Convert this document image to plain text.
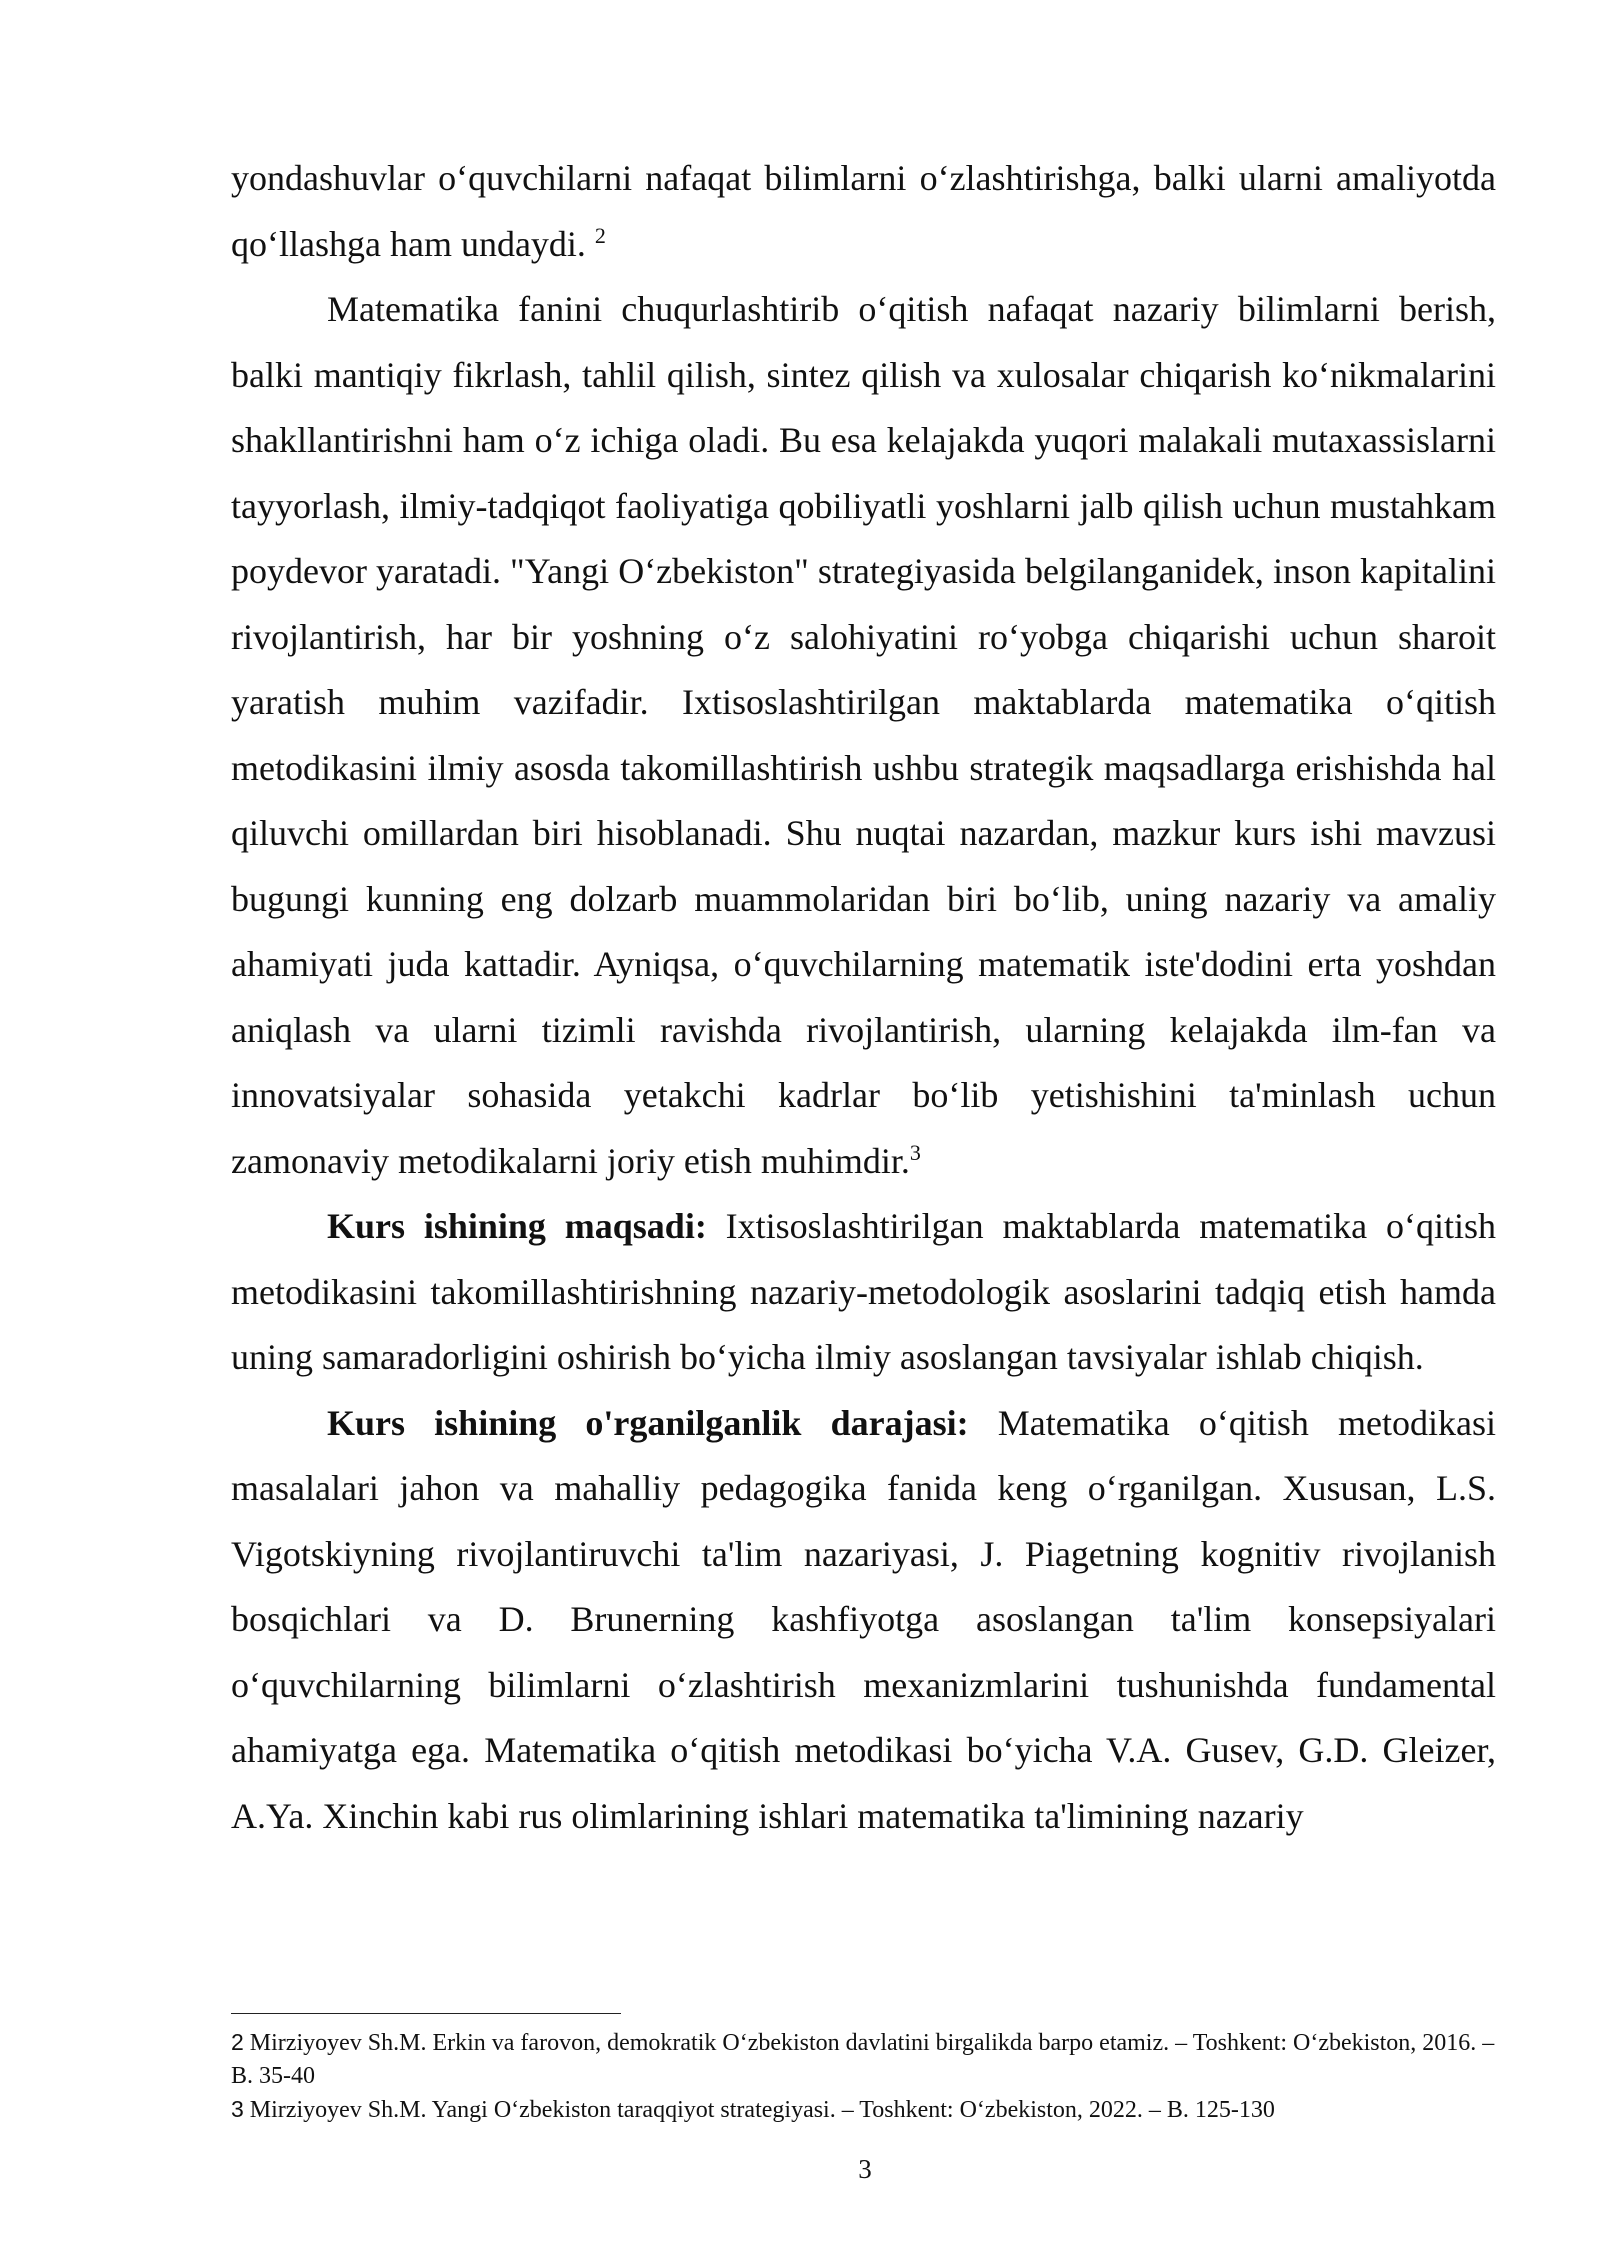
yondashuvlar o‘quvchilarni nafaqat bilimlarni o‘zlashtirishga, balki ularni amaliyotda qo‘llashga ham undaydi. $^2$

Matematika fanini chuqurlashtirib o‘qitish nafaqat nazariy bilimlarni berish, balki mantiqiy fikrlash, tahlil qilish, sintez qilish va xulosalar chiqarish ko‘nikmalarini shakllantirishni ham o‘z ichiga oladi. Bu esa kelajakda yuqori malakali mutaxassislarni tayyorlash, ilmiy-tadqiqot faoliyatiga qobiliyatli yoshlarni jalb qilish uchun mustahkam poydevor yaratadi. "Yangi O‘zbekiston" strategiyasida belgilanganidek, inson kapitalini rivojlantirish, har bir yoshning o‘z salohiyatini ro‘yobga chiqarishi uchun sharoit yaratish muhim vazifadir. Ixtisoslashtirilgan maktablarda matematika o‘qitish metodikasini ilmiy asosda takomillashtirish ushbu strategik maqsadlarga erishishda hal qiluvchi omillardan biri hisoblanadi. Shu nuqtai nazardan, mazkur kurs ishi mavzusi bugungi kunning eng dolzarb muammolaridan biri bo‘lib, uning nazariy va amaliy ahamiyati juda kattadir. Ayniqsa, o‘quvchilarning matematik iste'dodini erta yoshdan aniqlash va ularni tizimli ravishda rivojlantirish, ularning kelajakda ilm-fan va innovatsiyalar sohasida yetakchi kadrlar bo‘lib yetishishini ta'minlash uchun zamonaviy metodikalarni joriy etish muhimdir.$^3$

Kurs ishining maqsadi: Ixtisoslashtirilgan maktablarda matematika o‘qitish metodikasini takomillashtirishning nazariy-metodologik asoslarini tadqiq etish hamda uning samaradorligini oshirish bo‘yicha ilmiy asoslangan tavsiyalar ishlab chiqish.

Kurs ishining o'rganilganlik darajasi: Matematika o‘qitish metodikasi masalalari jahon va mahalliy pedagogika fanida keng o‘rganilgan. Xususan, L.S. Vigotskiyning rivojlantiruvchi ta'lim nazariyasi, J. Piagetning kognitiv rivojlanish bosqichlari va D. Brunerning kashfiyotga asoslangan ta'lim konsepsiyalari o‘quvchilarning bilimlarni o‘zlashtirish mexanizmlarini tushunishda fundamental ahamiyatga ega. Matematika o‘qitish metodikasi bo‘yicha V.A. Gusev, G.D. Gleizer, A.Ya. Xinchin kabi rus olimlarining ishlari matematika ta'limining nazariy

2 Mirziyoyev Sh.M. Erkin va farovon, demokratik O‘zbekiston davlatini birgalikda barpo etamiz. – Toshkent: O‘zbekiston, 2016. – B. 35-40

3 Mirziyoyev Sh.M. Yangi O‘zbekiston taraqqiyot strategiyasi. – Toshkent: O‘zbekiston, 2022. – B. 125-130

3
